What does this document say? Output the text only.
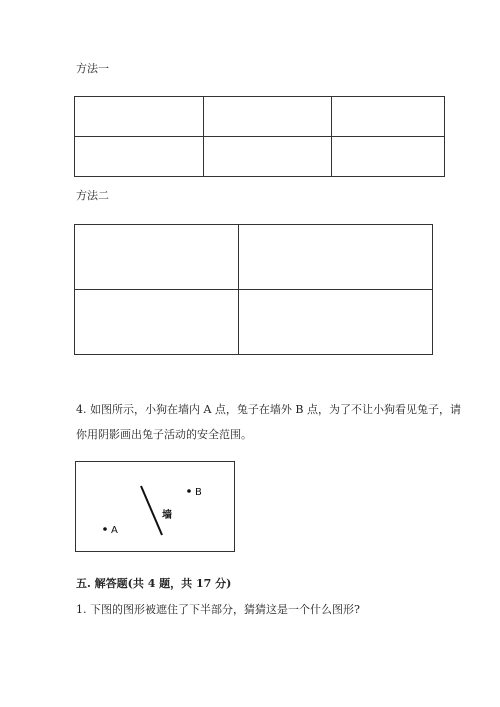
方法一

方法二

4. 如图所示，小狗在墙内 A 点，兔子在墙外 B 点，为了不让小狗看见兔子，请
你用阴影画出兔子活动的安全范围。
B
A
墙
五. 解答题(共 4 题，共 17 分)
1. 下图的图形被遮住了下半部分，猜猜这是一个什么图形?
